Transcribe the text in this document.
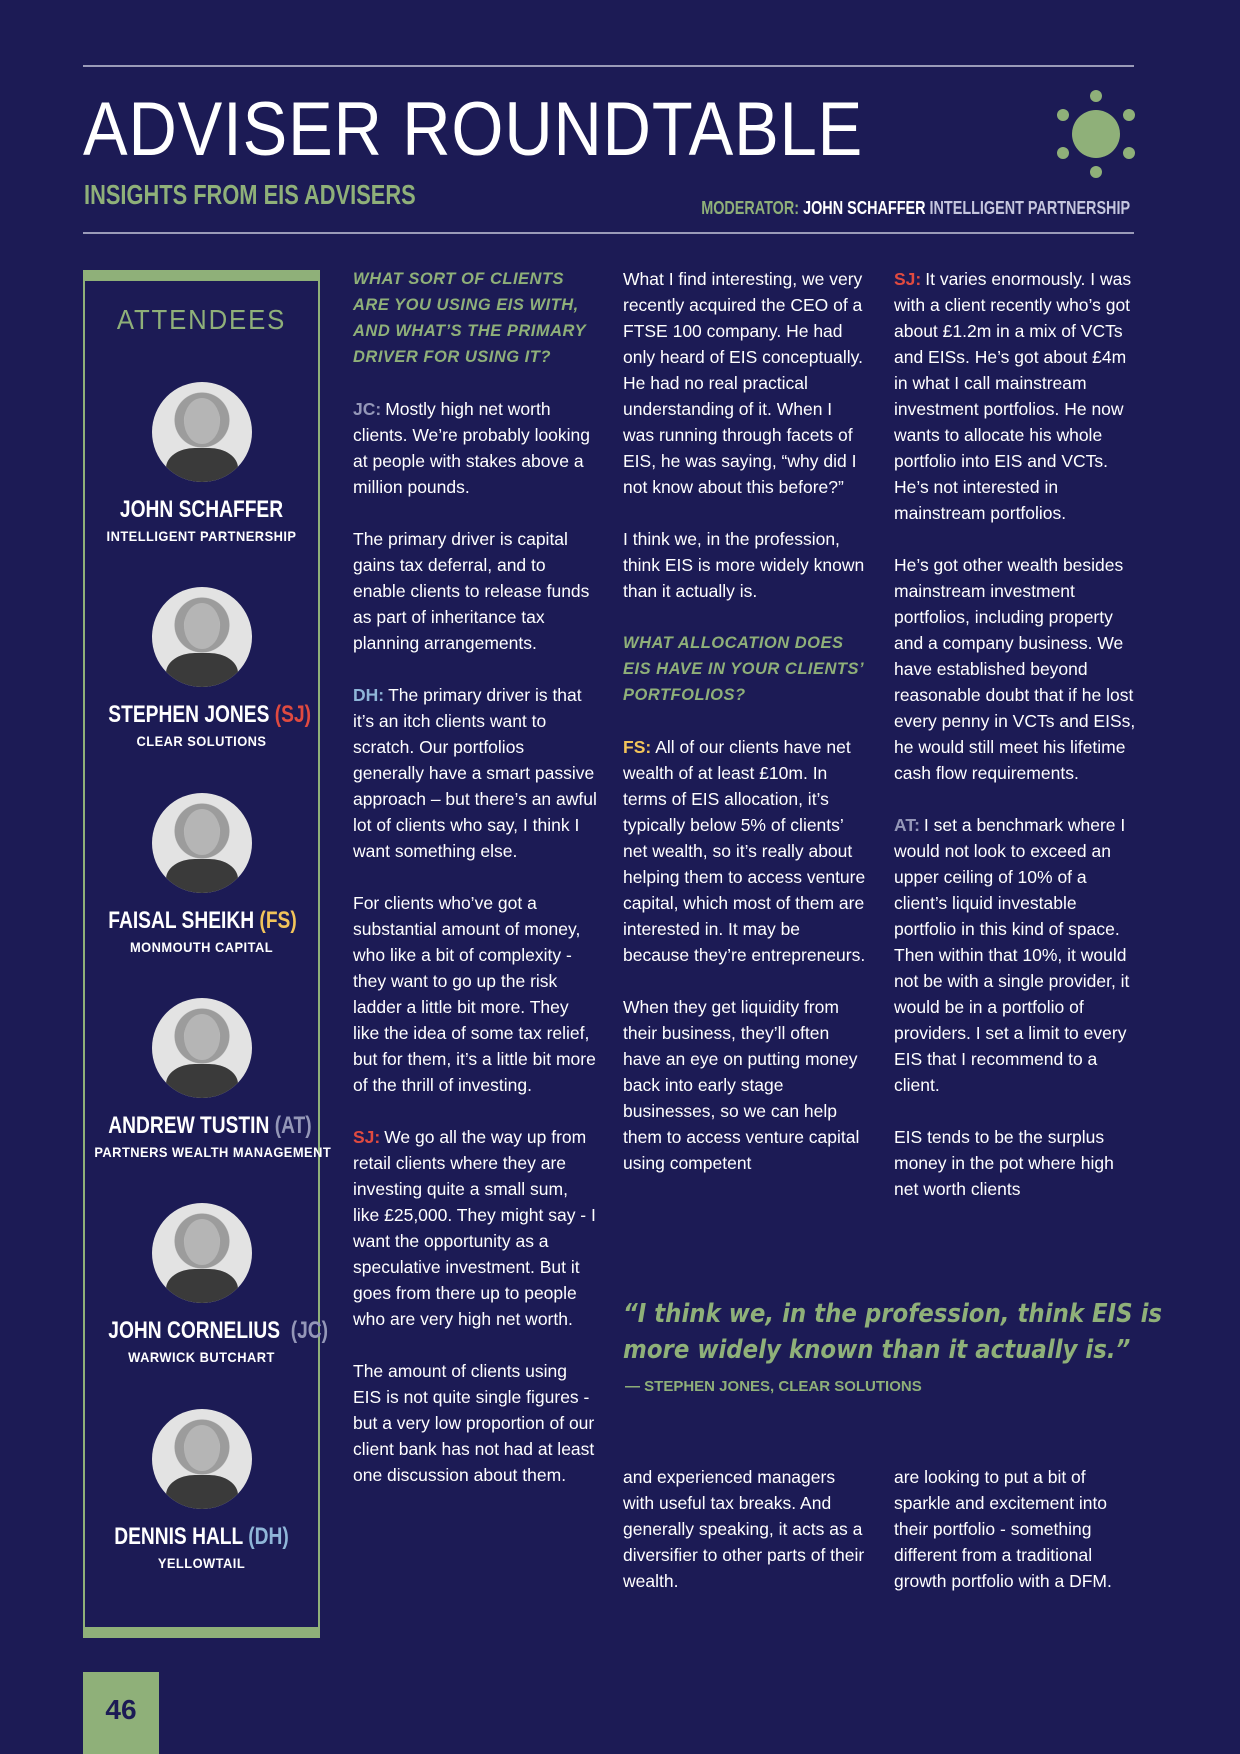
ADVISER ROUNDTABLE
INSIGHTS FROM EIS ADVISERS	MODERATOR: JOHN SCHAFFER INTELLIGENT PARTNERSHIP
ATTENDEES
JOHN SCHAFFER
INTELLIGENT PARTNERSHIP
STEPHEN JONES (SJ)
CLEAR SOLUTIONS
FAISAL SHEIKH (FS)
MONMOUTH CAPITAL
ANDREW TUSTIN (AT)
PARTNERS WEALTH MANAGEMENT
JOHN CORNELIUS (JC)
WARWICK BUTCHART
DENNIS HALL (DH)
YELLOWTAIL

WHAT SORT OF CLIENTS ARE YOU USING EIS WITH, AND WHAT’S THE PRIMARY DRIVER FOR USING IT?

JC: Mostly high net worth clients. We’re probably looking at people with stakes above a million pounds.

The primary driver is capital gains tax deferral, and to enable clients to release funds as part of inheritance tax planning arrangements.

DH: The primary driver is that it’s an itch clients want to scratch. Our portfolios generally have a smart passive approach – but there’s an awful lot of clients who say, I think I want something else.

For clients who’ve got a substantial amount of money, who like a bit of complexity - they want to go up the risk ladder a little bit more. They like the idea of some tax relief, but for them, it’s a little bit more of the thrill of investing.

SJ: We go all the way up from retail clients where they are investing quite a small sum, like £25,000. They might say - I want the opportunity as a speculative investment. But it goes from there up to people who are very high net worth.

The amount of clients using EIS is not quite single figures - but a very low proportion of our client bank has not had at least one discussion about them.

What I find interesting, we very recently acquired the CEO of a FTSE 100 company. He had only heard of EIS conceptually. He had no real practical understanding of it. When I was running through facets of EIS, he was saying, “why did I not know about this before?”

I think we, in the profession, think EIS is more widely known than it actually is.

WHAT ALLOCATION DOES EIS HAVE IN YOUR CLIENTS’ PORTFOLIOS?

FS: All of our clients have net wealth of at least £10m. In terms of EIS allocation, it’s typically below 5% of clients’ net wealth, so it’s really about helping them to access venture capital, which most of them are interested in. It may be because they’re entrepreneurs.

When they get liquidity from their business, they’ll often have an eye on putting money back into early stage businesses, so we can help them to access venture capital using competent

and experienced managers with useful tax breaks. And generally speaking, it acts as a diversifier to other parts of their wealth.

SJ: It varies enormously. I was with a client recently who’s got about £1.2m in a mix of VCTs and EISs. He’s got about £4m in what I call mainstream investment portfolios. He now wants to allocate his whole portfolio into EIS and VCTs. He’s not interested in mainstream portfolios.

He’s got other wealth besides mainstream investment portfolios, including property and a company business. We have established beyond reasonable doubt that if he lost every penny in VCTs and EISs, he would still meet his lifetime cash flow requirements.

AT: I set a benchmark where I would not look to exceed an upper ceiling of 10% of a client’s liquid investable portfolio in this kind of space. Then within that 10%, it would not be with a single provider, it would be in a portfolio of providers. I set a limit to every EIS that I recommend to a client.

EIS tends to be the surplus money in the pot where high net worth clients

are looking to put a bit of sparkle and excitement into their portfolio - something different from a traditional growth portfolio with a DFM.

“I think we, in the profession, think EIS is
more widely known than it actually is.”
— STEPHEN JONES, CLEAR SOLUTIONS
46
